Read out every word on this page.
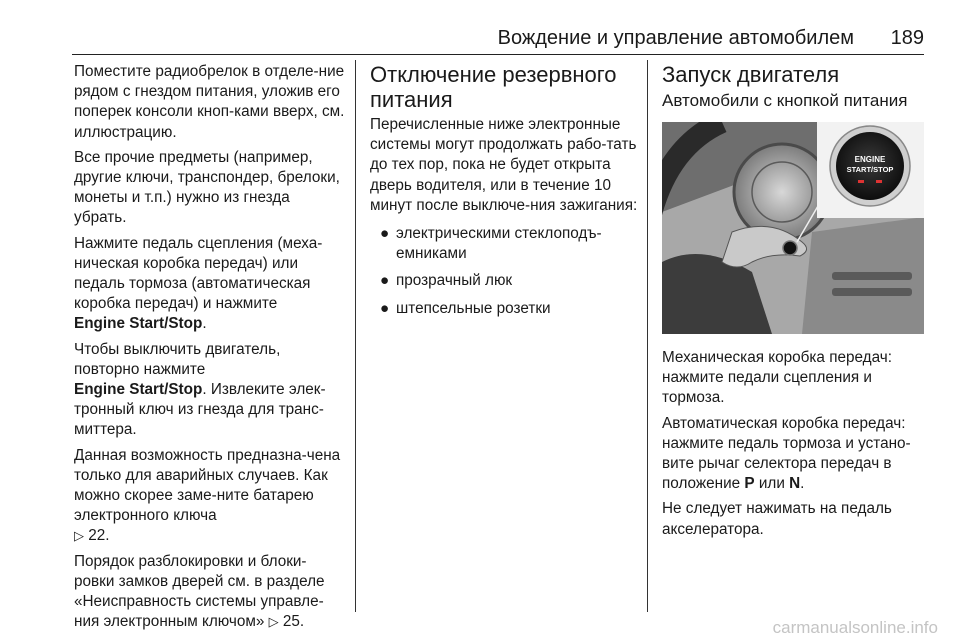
Вождение и управление автомобилем 189

Поместите радиобрелок в отделе-ние рядом с гнездом питания, уложив его поперек консоли кноп-ками вверх, см. иллюстрацию.

Все прочие предметы (например, другие ключи, транспондер, брелоки, монеты и т.п.) нужно из гнезда убрать.

Нажмите педаль сцепления (меха-ническая коробка передач) или педаль тормоза (автоматическая коробка передач) и нажмите
Engine Start/Stop.

Чтобы выключить двигатель, повторно нажмите
Engine Start/Stop. Извлеките элек-тронный ключ из гнезда для транс-миттера.

Данная возможность предназна-чена только для аварийных случаев. Как можно скорее заме-ните батарею электронного ключа
▷ 22.

Порядок разблокировки и блоки-ровки замков дверей см. в разделе «Неисправность системы управле-ния электронным ключом» ▷ 25.

Отключение резервного питания

Перечисленные ниже электронные системы могут продолжать рабо-тать до тех пор, пока не будет открыта дверь водителя, или в течение 10 минут после выключе-ния зажигания:

● электрическими стеклоподъ-емниками
● прозрачный люк
● штепсельные розетки
Запуск двигателя
Автомобили с кнопкой питания
ENGINE
START/STOP

Механическая коробка передач: нажмите педали сцепления и тормоза.

Автоматическая коробка передач: нажмите педаль тормоза и устано-вите рычаг селектора передач в положение P или N.

Не следует нажимать на педаль акселератора.

carmanualsonline.info
